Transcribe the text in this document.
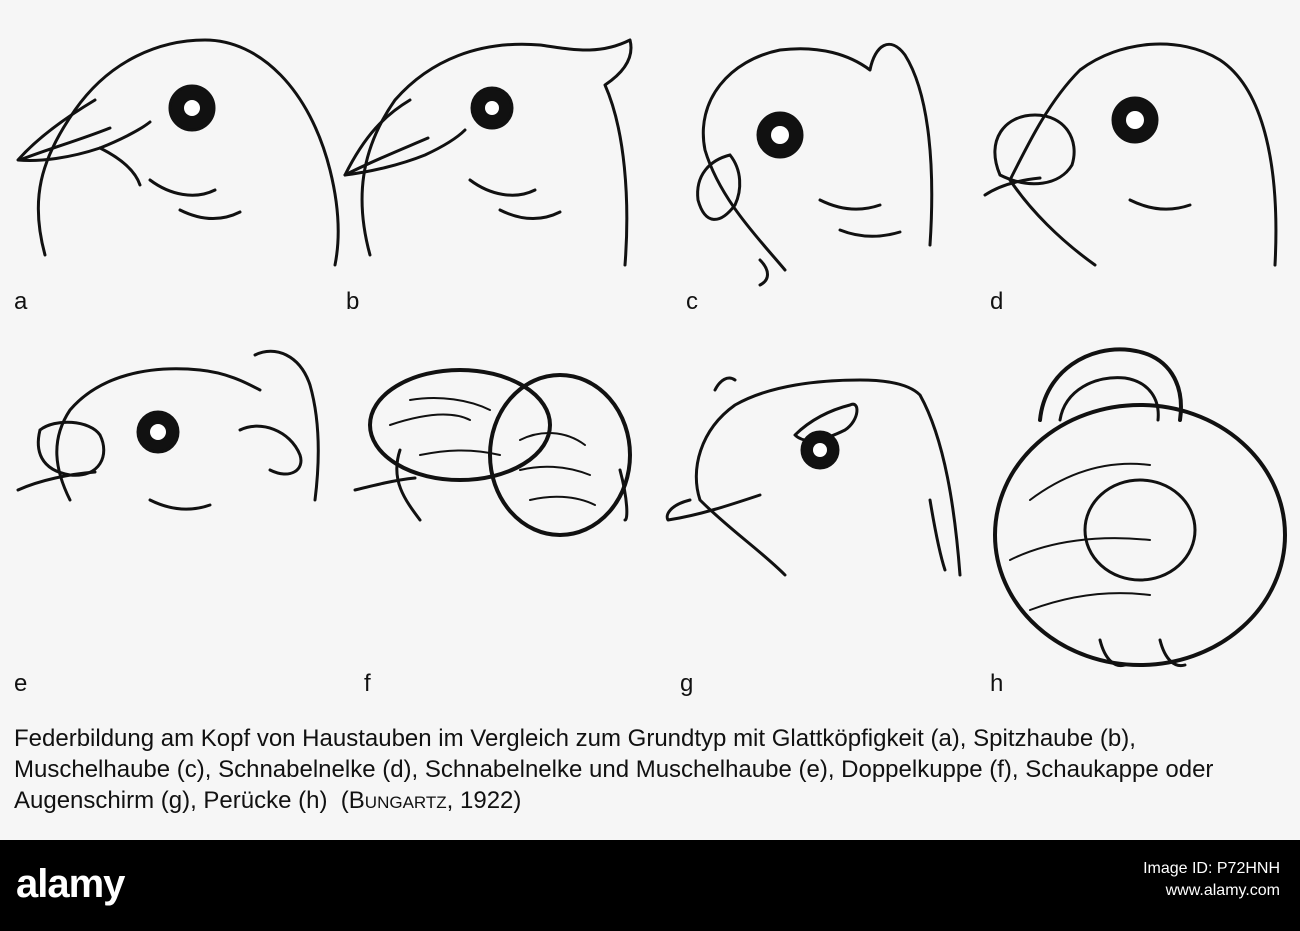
a	b	c	d
e	f	g	h

Federbildung am Kopf von Haustauben im Vergleich zum Grundtyp mit Glattköpfigkeit (a), Spitzhaube (b), Muschelhaube (c), Schnabelnelke (d), Schnabelnelke und Muschelhaube (e), Doppelkuppe (f), Schaukappe oder Augenschirm (g), Perücke (h) (Bungartz, 1922)

alamy	Image ID: P72HNH
www.alamy.com
